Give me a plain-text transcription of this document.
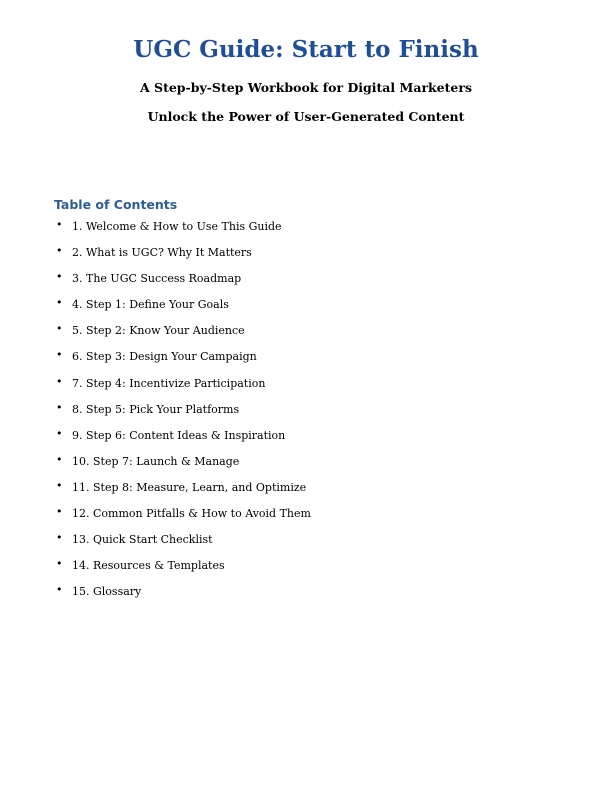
UGC Guide: Start to Finish
A Step-by-Step Workbook for Digital Marketers
Unlock the Power of User-Generated Content
Table of Contents
• 1. Welcome & How to Use This Guide
• 2. What is UGC? Why It Matters
• 3. The UGC Success Roadmap
• 4. Step 1: Define Your Goals
• 5. Step 2: Know Your Audience
• 6. Step 3: Design Your Campaign
• 7. Step 4: Incentivize Participation
• 8. Step 5: Pick Your Platforms
• 9. Step 6: Content Ideas & Inspiration
• 10. Step 7: Launch & Manage
• 11. Step 8: Measure, Learn, and Optimize
• 12. Common Pitfalls & How to Avoid Them
• 13. Quick Start Checklist
• 14. Resources & Templates
• 15. Glossary
